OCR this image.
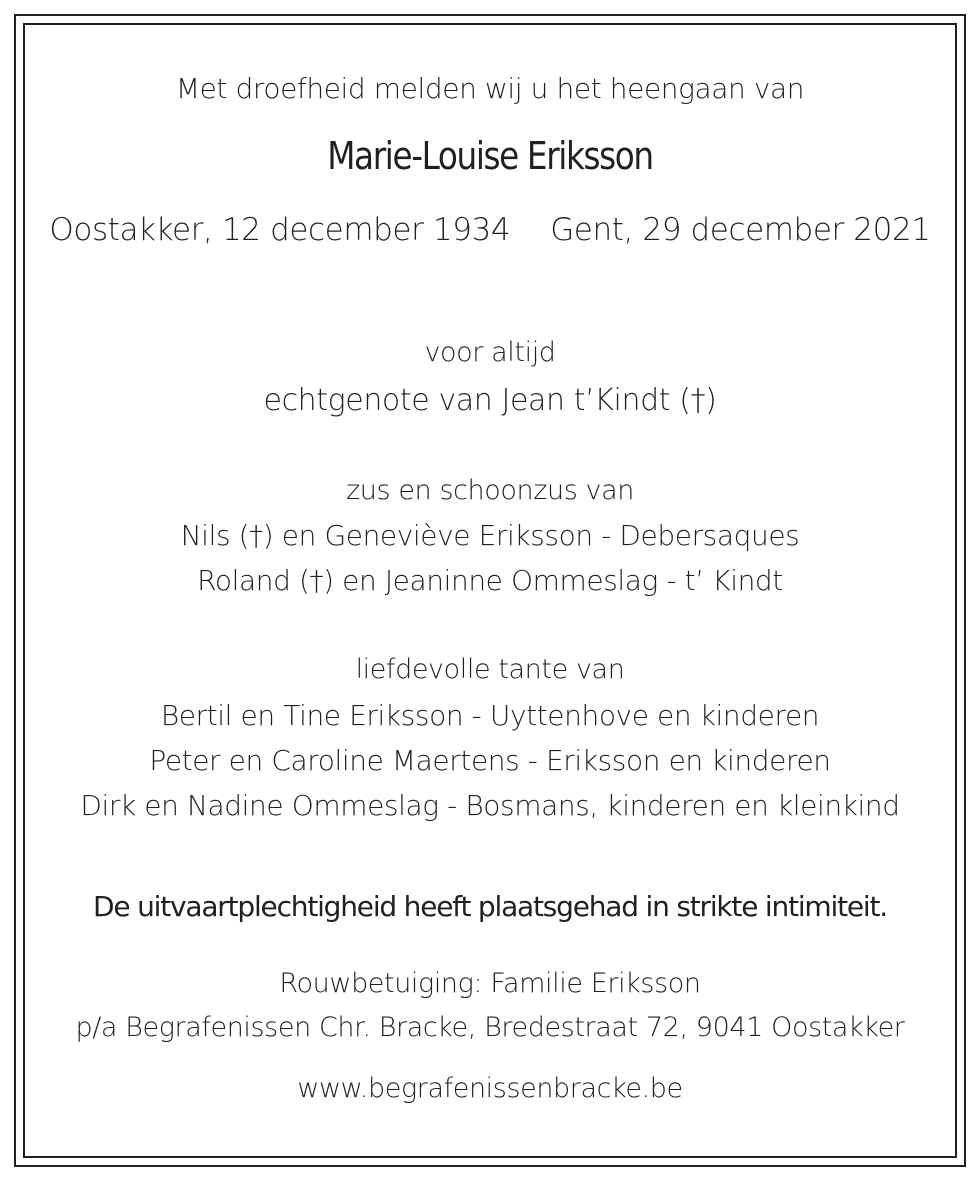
Met droefheid melden wij u het heengaan van
Marie-Louise Eriksson
Oostakker, 12 december 1934 Gent, 29 december 2021
voor altijd
echtgenote van Jean t’Kindt (†)
zus en schoonzus van
Nils (†) en Geneviève Eriksson - Debersaques
Roland (†) en Jeaninne Ommeslag - t’ Kindt
liefdevolle tante van
Bertil en Tine Eriksson - Uyttenhove en kinderen
Peter en Caroline Maertens - Eriksson en kinderen
Dirk en Nadine Ommeslag - Bosmans, kinderen en kleinkind
De uitvaartplechtigheid heeft plaatsgehad in strikte intimiteit.
Rouwbetuiging: Familie Eriksson
p/a Begrafenissen Chr. Bracke, Bredestraat 72, 9041 Oostakker
www.begrafenissenbracke.be
